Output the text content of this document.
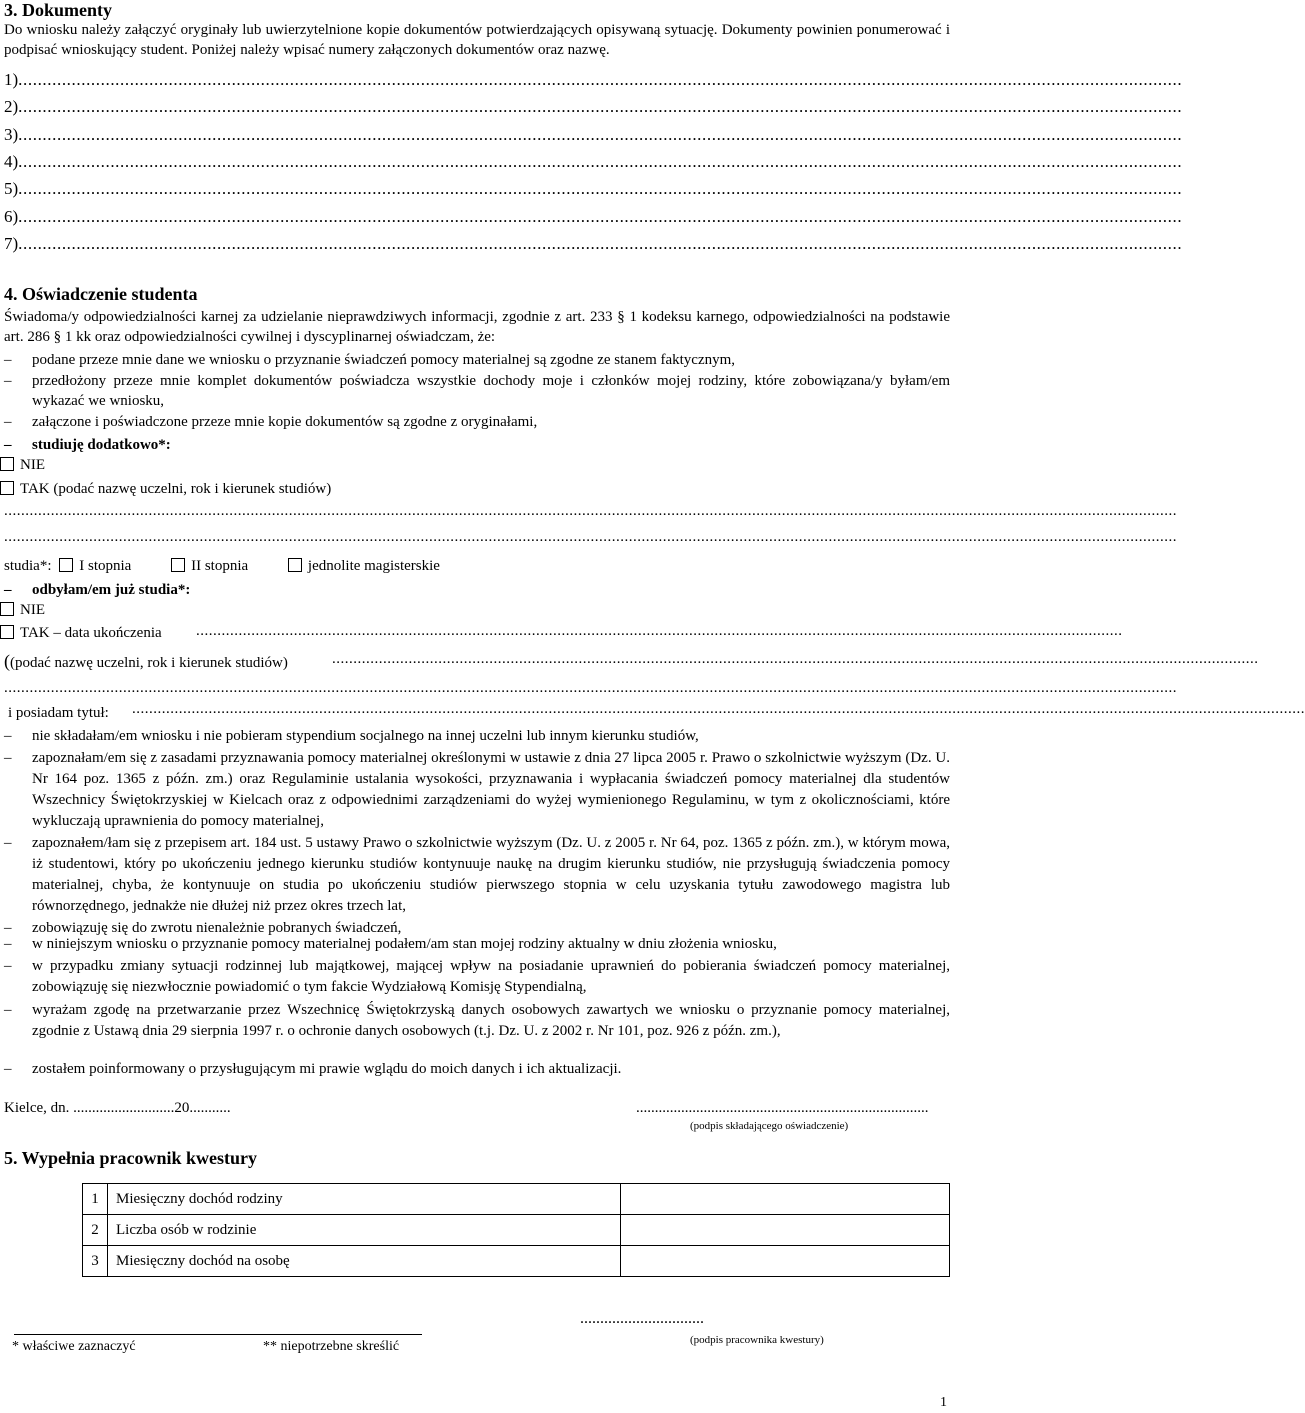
3. Dokumenty
Do wniosku należy załączyć oryginały lub uwierzytelnione kopie dokumentów potwierdzających opisywaną sytuację. Dokumenty powinien ponumerować i podpisać wnioskujący student. Poniżej należy wpisać numery załączonych dokumentów oraz nazwę.
1)................................................................................................................................................................................................................................................
2)................................................................................................................................................................................................................................................
3)................................................................................................................................................................................................................................................
4)................................................................................................................................................................................................................................................
5)................................................................................................................................................................................................................................................
6)................................................................................................................................................................................................................................................
7)................................................................................................................................................................................................................................................
4. Oświadczenie studenta
Świadoma/y odpowiedzialności karnej za udzielanie nieprawdziwych informacji, zgodnie z art. 233 § 1 kodeksu karnego, odpowiedzialności na podstawie art. 286 § 1 kk oraz odpowiedzialności cywilnej i dyscyplinarnej oświadczam, że:
–	podane przeze mnie dane we wniosku o przyznanie świadczeń pomocy materialnej są zgodne ze stanem faktycznym,
–	przedłożony przeze mnie komplet dokumentów poświadcza wszystkie dochody moje i członków mojej rodziny, które zobowiązana/y byłam/em wykazać we wniosku,
–	załączone i poświadczone przeze mnie kopie dokumentów są zgodne z oryginałami,
–	studiuję dodatkowo*:
NIE
TAK (podać nazwę uczelni, rok i kierunek studiów)
....................................................................................................................................................................................................................................................................................
....................................................................................................................................................................................................................................................................................
studia*: I stopnia	II stopnia	jednolite magisterskie
–	odbyłam/em już studia*:
NIE
TAK – data ukończenia ..........................................................................................................................................................................................................................
((podać nazwę uczelni, rok i kierunek studiów)	..........................................................................................................................................................................................................................
....................................................................................................................................................................................................................................................................................
i posiadam tytuł: ....................................................................................................................................................................................................................................................................................
–	nie składałam/em wniosku i nie pobieram stypendium socjalnego na innej uczelni lub innym kierunku studiów,
–	zapoznałam/em się z zasadami przyznawania pomocy materialnej określonymi w ustawie z dnia 27 lipca 2005 r. Prawo o szkolnictwie wyższym (Dz. U. Nr 164 poz. 1365 z późn. zm.) oraz Regulaminie ustalania wysokości, przyznawania i wypłacania świadczeń pomocy materialnej dla studentów Wszechnicy Świętokrzyskiej w Kielcach oraz z odpowiednimi zarządzeniami do wyżej wymienionego Regulaminu, w tym z okolicznościami, które wykluczają uprawnienia do pomocy materialnej,
–	zapoznałem/łam się z przepisem art. 184 ust. 5 ustawy Prawo o szkolnictwie wyższym (Dz. U. z 2005 r. Nr 64, poz. 1365 z późn. zm.), w którym mowa, iż studentowi, który po ukończeniu jednego kierunku studiów kontynuuje naukę na drugim kierunku studiów, nie przysługują świadczenia pomocy materialnej, chyba, że kontynuuje on studia po ukończeniu studiów pierwszego stopnia w celu uzyskania tytułu zawodowego magistra lub równorzędnego, jednakże nie dłużej niż przez okres trzech lat,
–	zobowiązuję się do zwrotu nienależnie pobranych świadczeń,
–	w niniejszym wniosku o przyznanie pomocy materialnej podałem/am stan mojej rodziny aktualny w dniu złożenia wniosku,
–	w przypadku zmiany sytuacji rodzinnej lub majątkowej, mającej wpływ na posiadanie uprawnień do pobierania świadczeń pomocy materialnej, zobowiązuję się niezwłocznie powiadomić o tym fakcie Wydziałową Komisję Stypendialną,
–	wyrażam zgodę na przetwarzanie przez Wszechnicę Świętokrzyską danych osobowych zawartych we wniosku o przyznanie pomocy materialnej, zgodnie z Ustawą dnia 29 sierpnia 1997 r. o ochronie danych osobowych (t.j. Dz. U. z 2002 r. Nr 101, poz. 926 z późn. zm.),
–	zostałem poinformowany o przysługującym mi prawie wglądu do moich danych i ich aktualizacji.
Kielce, dn. ...........................20...........	..............................................................................
(podpis składającego oświadczenie)
5. Wypełnia pracownik kwestury
1	Miesięczny dochód rodziny	
2	Liczba osób w rodzinie	
3	Miesięczny dochód na osobę	
* właściwe zaznaczyć	** niepotrzebne skreślić
...............................
(podpis pracownika kwestury)
1
